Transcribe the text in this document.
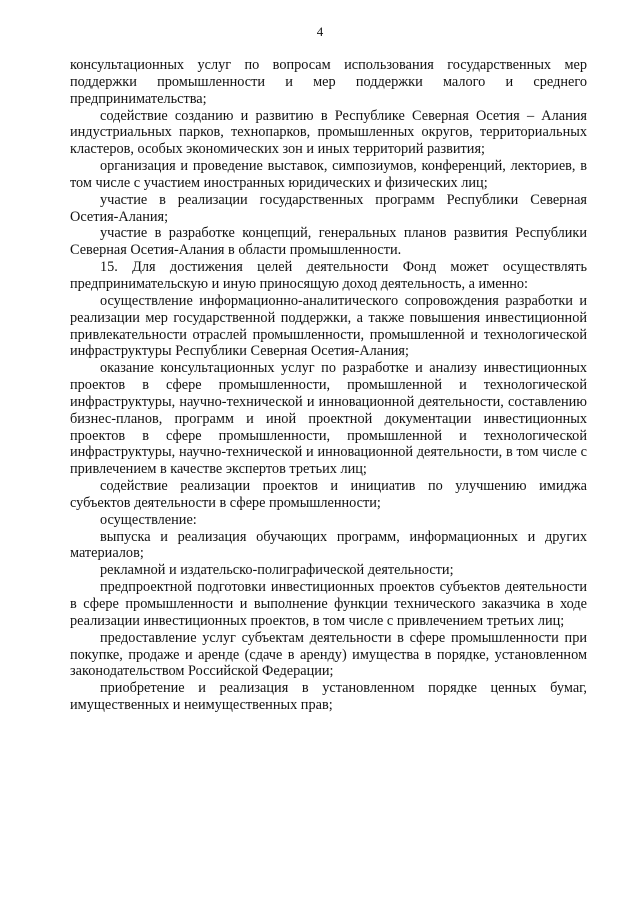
4

консультационных услуг по вопросам использования государственных мер поддержки промышленности и мер поддержки малого и среднего предпринимательства;

содействие созданию и развитию в Республике Северная Осетия – Алания индустриальных парков, технопарков, промышленных округов, территориальных кластеров, особых экономических зон и иных территорий развития;

организация и проведение выставок, симпозиумов, конференций, лекториев, в том числе с участием иностранных юридических и физических лиц;

участие в реализации государственных программ Республики Северная Осетия-Алания;

участие в разработке концепций, генеральных планов развития Республики Северная Осетия-Алания в области промышленности.

15. Для достижения целей деятельности Фонд может осуществлять предпринимательскую и иную приносящую доход деятельность, а именно:

осуществление информационно-аналитического сопровождения разработки и реализации мер государственной поддержки, а также повышения инвестиционной привлекательности отраслей промышленности, промышленной и технологической инфраструктуры Республики Северная Осетия-Алания;

оказание консультационных услуг по разработке и анализу инвестиционных проектов в сфере промышленности, промышленной и технологической инфраструктуры, научно-технической и инновационной деятельности, составлению бизнес-планов, программ и иной проектной документации инвестиционных проектов в сфере промышленности, промышленной и технологической инфраструктуры, научно-технической и инновационной деятельности, в том числе с привлечением в качестве экспертов третьих лиц;

содействие реализации проектов и инициатив по улучшению имиджа субъектов деятельности в сфере промышленности;

осуществление:

выпуска и реализация обучающих программ, информационных и других материалов;

рекламной и издательско-полиграфической деятельности;

предпроектной подготовки инвестиционных проектов субъектов деятельности в сфере промышленности и выполнение функции технического заказчика в ходе реализации инвестиционных проектов, в том числе с привлечением третьих лиц;

предоставление услуг субъектам деятельности в сфере промышленности при покупке, продаже и аренде (сдаче в аренду) имущества в порядке, установленном законодательством Российской Федерации;

приобретение и реализация в установленном порядке ценных бумаг, имущественных и неимущественных прав;
